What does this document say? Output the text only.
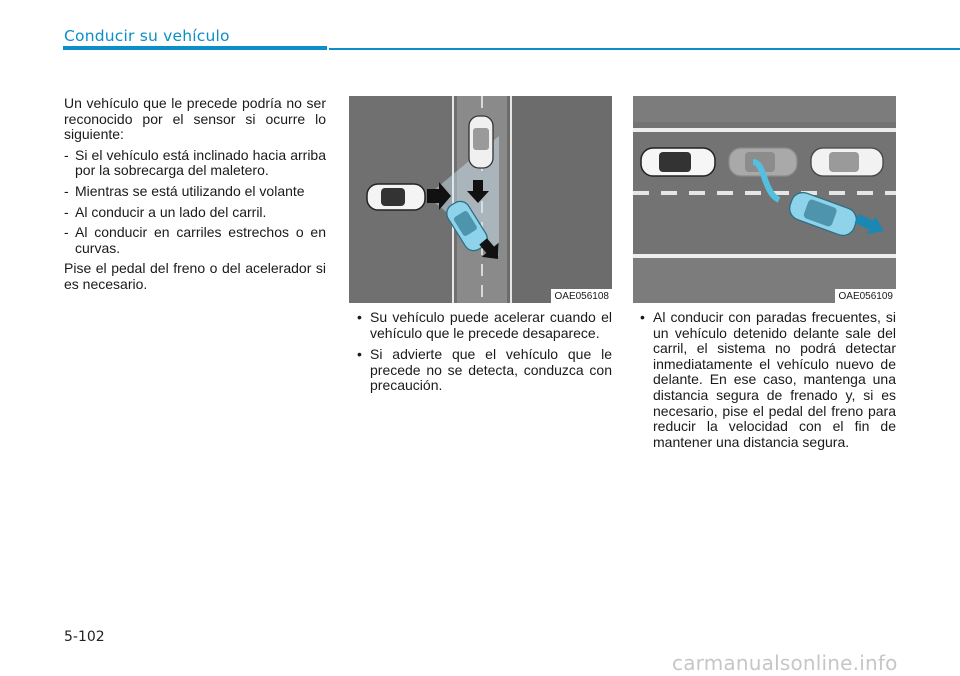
Conducir su vehículo

Un vehículo que le precede podría no ser reconocido por el sensor si ocurre lo siguiente:

- Si el vehículo está inclinado hacia arriba por la sobrecarga del maletero.
- Mientras se está utilizando el volante
- Al conducir a un lado del carril.
- Al conducir en carriles estrechos o en curvas.

Pise el pedal del freno o del acelerador si es necesario.

OAE056108
• Su vehículo puede acelerar cuando el vehículo que le precede desaparece.
• Si advierte que el vehículo que le precede no se detecta, conduzca con precaución.
OAE056109
• Al conducir con paradas frecuentes, si un vehículo detenido delante sale del carril, el sistema no podrá detectar inmediatamente el vehículo nuevo de delante. En ese caso, mantenga una distancia segura de frenado y, si es necesario, pise el pedal del freno para reducir la velocidad con el fin de mantener una distancia segura.
5-102
carmanualsonline.info
